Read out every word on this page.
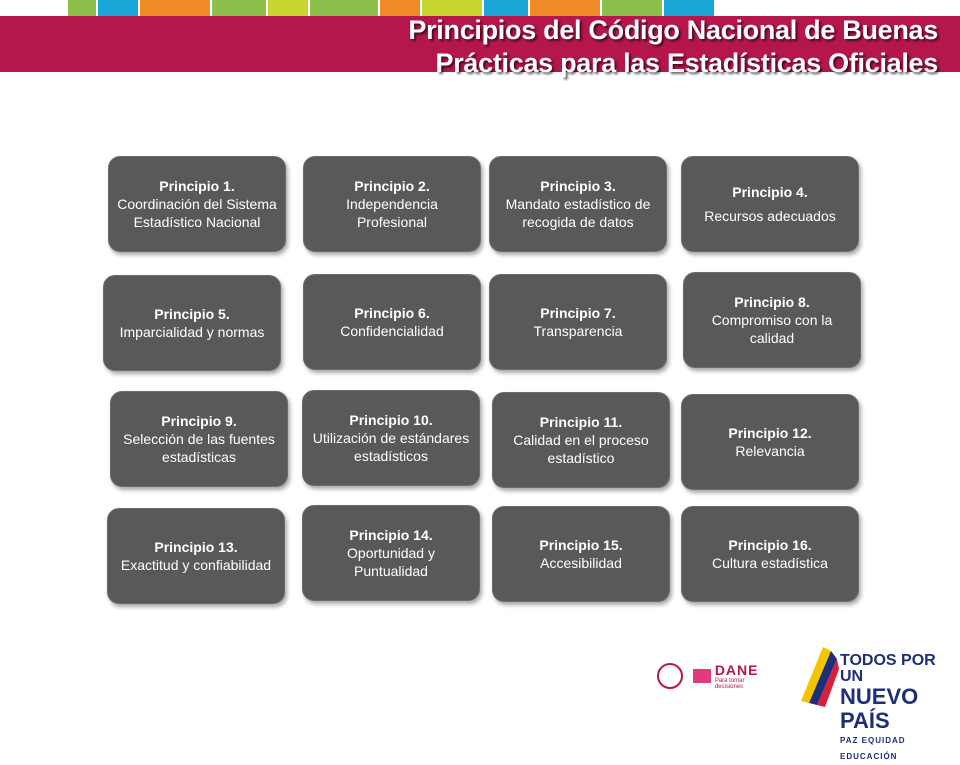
Principios del Código Nacional de Buenas
Prácticas para las Estadísticas Oficiales
Principio 1.
Coordinación del Sistema Estadístico Nacional
Principio 2.
Independencia Profesional
Principio 3.
Mandato estadístico de recogida de datos
Principio 4.
Recursos adecuados
Principio 5.
Imparcialidad y normas
Principio 6.
Confidencialidad
Principio 7.
Transparencia
Principio 8.
Compromiso con la calidad
Principio 9.
Selección de las fuentes estadísticas
Principio 10.
Utilización de estándares estadísticos
Principio 11.
Calidad en el proceso estadístico
Principio 12.
Relevancia
Principio 13.
Exactitud y confiabilidad
Principio 14.
Oportunidad y Puntualidad
Principio 15.
Accesibilidad
Principio 16.
Cultura estadística
DANE

Para tomar decisiones
TODOS POR UN
NUEVO PAÍS
PAZ EQUIDAD EDUCACIÓN
